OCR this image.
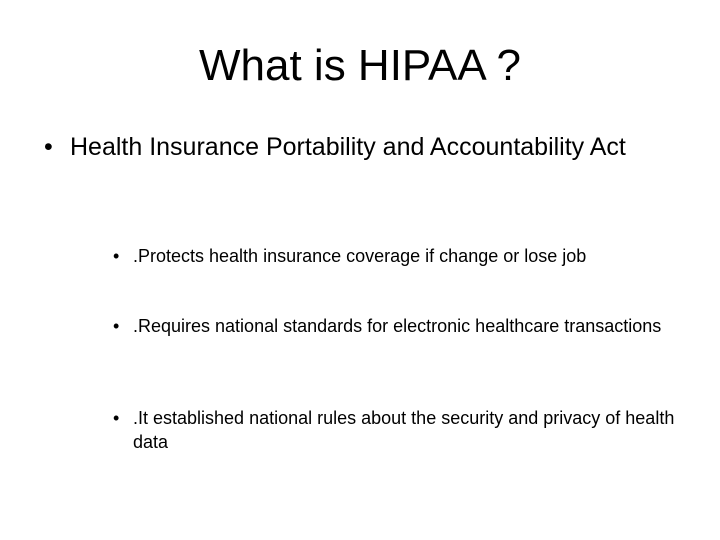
What is HIPAA ?
• Health Insurance Portability and Accountability Act
• .Protects health insurance coverage if change or lose job
• .Requires national standards for electronic healthcare transactions
• .It established national rules about the security and privacy of health data
